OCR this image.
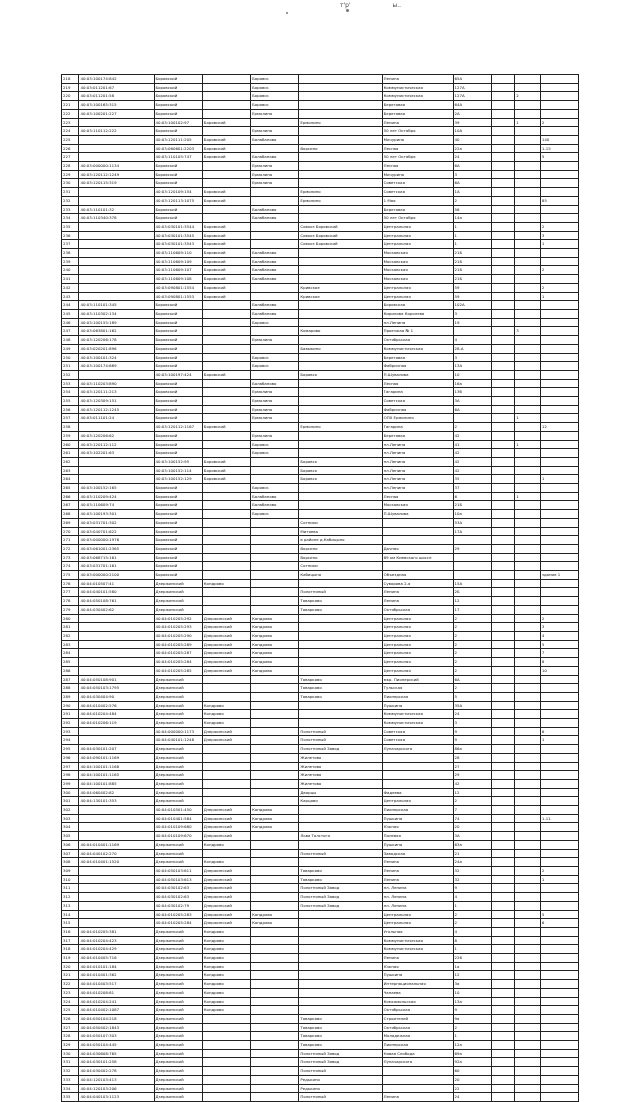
т'р'	ы..
218	40:03:100174:842	Боровский		Боровск		Ленина	65А			
219	40:03:011201:67	Боровский		Боровск		Коммунистическая	127А			
220	40:03:011201:58	Боровский		Боровск		Коммунистическая	127А		2	
221	40:03:100165:315	Боровский		Боровск		Береговая	64А			
222	40:03:100201:227	Боровский		Ермолино		Береговая	2А			
223		40:03:100102:97	Боровский		Ермолино	Ленина	39		1	2
224	40:03:110112:222	Боровский		Ермолино		50 лет Октября	10А			
225		40:03:120111:205	Боровский	Балабаново		Мичурина	40			140
226		40:03:060601:2203	Боровский		Ворсино	Лесная	22а			1-15
227		40:03:110105:747	Боровский	Балабаново		50 лет Октября	24			5
228	40:03:000000:1134	Боровский		Ермолино		Лесная	6А			
229	40:03:120112:1249	Боровский		Ермолино		Мичурина	3			
230	40:03:120115:319	Боровский		Ермолино		Советская	6А			
231		40:03:120109:154	Боровский		Ермолино	Советская	1А			
232		40:03:120113:1075	Боровский		Ермолино	1 Мая	2			85
233	40:03:110101:32	Боровский		Балабаново		Береговая	56			
234	40:03:110340:378	Боровский		Балабаново		50 лет Октября	14а			
235		40:03:030101:3544	Боровский		Совхоз Боровский	Центральная	1			2
236		40:03:030101:3545	Боровский		Совхоз Боровский	Центральная	1			3
237		40:03:030101:3543	Боровский		Совхоз Боровский	Центральная	1			1
238		40:03:110609:110	Боровский	Балабаново		Московская	21Б			
239		40:03:110609:109	Боровский	Балабаново		Московская	21Б			
240		40:03:110609:107	Боровский	Балабаново		Московская	21Б			2
241		40:03:110609:108	Боровский	Балабаново		Московская	21Б			
242		40:03:090801:1554	Боровский		Кривское	Центральная	59			2
243		40:03:090801:1553	Боровский		Кривское	Центральная	59			1
244	40:03:110101:345	Боровский		Балабаново		Боровская	102А			
245	40:03:110302:134	Боровский		Балабаново		Кирилова Королева	3			
246	40:03:100155:189	Боровский		Боровск		пл.Ленина	19			
247	40:03:063801:162	Боровский			Комарово	Проезжая № 1			3	
248	40:03:120206:178	Боровский		Ермолино		Октябрьская	4			
249	40:03:020201:896	Боровский			Бавыкино	Коммунистическая	28-А			
250	40:03:100101:324	Боровский		Боровск		Береговая	3			
251	40:03:100174:689	Боровский		Боровск		Фабричная	13А			
252		40:03:100197:424	Боровский		Боровск	П.Шувалова	10			
253	40:03:110203:890	Боровский		Балабаново		Лесная	16а			
254	40:03:120111:213	Боровский		Ермолино		Гагарина	13б			
255	40:03:120309:151	Боровский		Ермолино		Советская	3А			
256	40:03:120112:1245	Боровский		Ермолино		Фабричная	6А			
257	40:03:011101:24	Боровский		Ермолино		ОПХ Ермолино			1	
258		40:03:120112:1167	Боровский		Ермолино	Гагарина	2			12
259	40:03:120206:62	Боровский		Ермолино		Береговая	42			
260	40:03:120112:112	Боровский		Боровск		пл.Ленина	41		1	
261	40:03:102201:63	Боровский		Боровск		пл.Ленина	42			
262		40:03:100152:95	Боровский		Боровск	пл.Ленина	42			
263		40:03:100152:114	Боровский		Боровск	пл.Ленина	42			
264		40:03:100152:129	Боровский		Боровск	пл.Ленина	35			1
265	40:03:100152:165	Боровский		Боровск		пл.Ленина	37			
266	40:03:110209:424	Боровский		Балабаново		Лесная	6		1	
267	40:03:110609:74	Боровский		Балабаново		Московская	21Б			
268	40:03:100193:301	Боровский		Боровск		П.Шувалова	10а			
269	40:03:031701:302	Боровский			Сотники		53А			
270	40:03:040701:622	Боровский			Митяево		17А			
271	40:03:000000:1976	Боровский			в районе д.Кабицыно					
272	40:03:061001:2365	Боровский			Ворсино	Дачная	29			
273	40:03:068715:161	Боровский			Ворсино	89 км Киевского шоссе				
274	40:03:031701:161	Боровский			Сотники					
275	40:03:000000:2100	Боровский			Кабицыно	Объездная				здание 1
276	40:04:010507:41	Дзержинский	Кондрово			Суворова 2-я	15А			
277	40:04:040101:580	Дзержинский			Полотняный	Ленина	2Б			
278	40:04:050108:761	Дзержинский			Товарково	Ленина	12			
279	40:04:030402:62	Дзержинский			Товарково	Октябрьская	17			
280		40:04:010205:292	Дзержинский	Кондрово		Центральная	2			2
281		40:04:010205:293	Дзержинский	Кондрово		Центральная	2			3
282		40:04:010205:290	Дзержинский	Кондрово		Центральная	2			4
283		40:04:010205:289	Дзержинский	Кондрово		Центральная	2			5
284		40:04:010205:287	Дзержинский	Кондрово		Центральная	2			7
285		40:04:010205:284	Дзержинский	Кондрово		Центральная	2			8
286		40:04:010205:285	Дзержинский	Кондрово		Центральная	2			10
287	40:04:050108:901	Дзержинский			Товарково	мкр. Пионерский	6А			
288	40:04:050103:1795	Дзержинский			Товарково	Тульская	2			
289	40:04:030404:90	Дзержинский			Товарково	Пионерская	5			
290	40:04:010402:576	Дзержинский	Кондрово			Пушкина	35А			
291	40:04:010204:484	Дзержинский	Кондрово			Коммунистическая	24			
292	40:04:010206:119	Дзержинский	Кондрово			Коммунистическая	3			
293		40:04:000000:1173	Дзержинский		Полотняный	Советская	9			6
294		40:04:040101:1248	Дзержинский		Полотняный	Советская	9			1
295	40:04:030101:207	Дзержинский			Полотняный Завод	Луначарского	86а			
296	40:04:090101:1169	Дзержинский			Жилетово		28			
297	40:04:100101:1168	Дзержинский			Жилетово		27			
298	40:04:100101:1165	Дзержинский			Жилетово		29			
299	40:04:100101:885	Дзержинский			Жилетово		42			
300	40:04:060402:82	Дзержинский			Дворцы	Фадеева	12			
301	40:04:130101:353	Дзержинский			Карцово	Центральная	2			
302		40:04:010501:450	Дзержинский	Кондрово		Пионерская	7			
303		40:04:010401:584	Дзержинский	Кондрово		Пушкина	74			1-11
304		40:04:010109:680	Дзержинский	Кондрово		Южная	20			
305		40:04:010109:670	Дзержинский		Льва Толстого	Полевая	3А			
306	40:04:010401:1169	Дзержинский	Кондрово			Пушкина	63а			
307	40:04:040102:270	Дзержинский			Полотняный	Заводская	21			
308	40:04:010401:1520	Дзержинский	Кондрово			Ленина	24а			
309		40:04:050103:611	Дзержинский		Товарково	Ленина	32			2
310		40:04:050103:613	Дзержинский		Товарково	Ленина	32			1
311		40:04:030102:63	Дзержинский		Полотняный Завод	пл. Ленина	9			
312		40:04:030102:63	Дзержинский		Полотняный Завод	пл. Ленина	4			
313		40:04:030102:79	Дзержинский		Полотняный Завод	пл. Ленина	1			
314		40:04:010205:283	Дзержинский	Кондрово		Центральная	2			5
315		40:04:010205:284	Дзержинский	Кондрово		Центральная	2			6
316	40:04:010205:381	Дзержинский	Кондрово			Угольная	4			
317	40:04:010204:423	Дзержинский	Кондрово			Коммунистическая	8			
318	40:04:010204:429	Дзержинский	Кондрово			Коммунистическая	1			
319	40:04:010405:716	Дзержинский	Кондрово			Ленина	226			
320	40:04:010101:184	Дзержинский	Кондрово			Южная	1а			
321	40:04:010401:362	Дзержинский	Кондрово			Пушкина	12			
322	40:04:010403:517	Дзержинский	Кондрово			Интернациональная	3а			
323	40:04:010208:81	Дзержинский	Кондрово			Чапаева	10			
324	40:04:010204:241	Дзержинский	Кондрово			Комсомольская	13а			
325	40:04:010402:1087	Дзержинский	Кондрово			Октябрьская	9			
326	40:04:050104:218	Дзержинский			Товарково	Строителей	9а			
327	40:04:050402:1843	Дзержинский			Товарково	Октябрьская	2			
328	40:04:050107:303	Дзержинский			Товарково	Молодежная	1			
329	40:04:050104:445	Дзержинский			Товарково	Пионерская	12а			
330	40:04:030608:765	Дзержинский			Полотняный Завод	Новая Слобода	69а			
331	40:04:030101:258	Дзержинский			Полотняный Завод	Луначарского	92а			
332	40:04:030402:278	Дзержинский			Полотняный		60			
333	40:04:120103:413	Дзержинский			Редькино		20			
334	40:04:120103:206	Дзержинский			Редькино		22			
335	40:04:040103:1123	Дзержинский			Полотняный	Ленина	24			
